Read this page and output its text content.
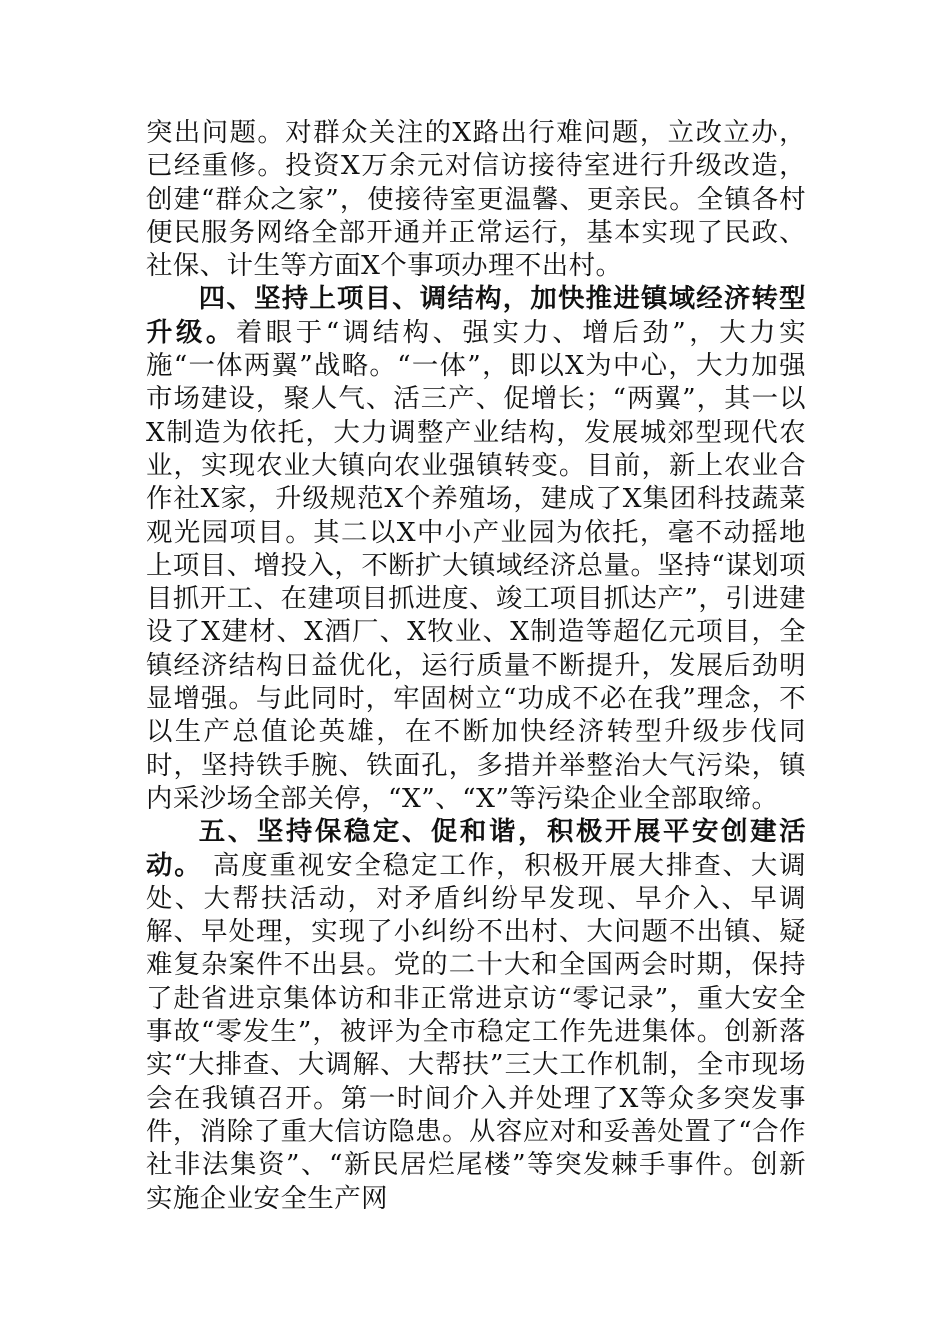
突出问题。对群众关注的X路出行难问题，立改立办，已经重修。投资X万余元对信访接待室进行升级改造，创建“群众之家”，使接待室更温馨、更亲民。全镇各村便民服务网络全部开通并正常运行，基本实现了民政、社保、计生等方面X个事项办理不出村。

四、坚持上项目、调结构，加快推进镇域经济转型升级。着眼于“调结构、强实力、增后劲”，大力实施“一体两翼”战略。“一体”，即以X为中心，大力加强市场建设，聚人气、活三产、促增长；“两翼”，其一以X制造为依托，大力调整产业结构，发展城郊型现代农业，实现农业大镇向农业强镇转变。目前，新上农业合作社X家，升级规范X个养殖场，建成了X集团科技蔬菜观光园项目。其二以X中小产业园为依托，毫不动摇地上项目、增投入，不断扩大镇域经济总量。坚持“谋划项目抓开工、在建项目抓进度、竣工项目抓达产”，引进建设了X建材、X酒厂、X牧业、X制造等超亿元项目，全镇经济结构日益优化，运行质量不断提升，发展后劲明显增强。与此同时，牢固树立“功成不必在我”理念，不以生产总值论英雄，在不断加快经济转型升级步伐同时，坚持铁手腕、铁面孔，多措并举整治大气污染，镇内采沙场全部关停，“X”、“X”等污染企业全部取缔。

五、坚持保稳定、促和谐，积极开展平安创建活动。 高度重视安全稳定工作，积极开展大排查、大调处、大帮扶活动，对矛盾纠纷早发现、早介入、早调解、早处理，实现了小纠纷不出村、大问题不出镇、疑难复杂案件不出县。党的二十大和全国两会时期，保持了赴省进京集体访和非正常进京访“零记录”，重大安全事故“零发生”，被评为全市稳定工作先进集体。创新落实“大排查、大调解、大帮扶”三大工作机制，全市现场会在我镇召开。第一时间介入并处理了X等众多突发事件，消除了重大信访隐患。从容应对和妥善处置了“合作社非法集资”、“新民居烂尾楼”等突发棘手事件。创新实施企业安全生产网
